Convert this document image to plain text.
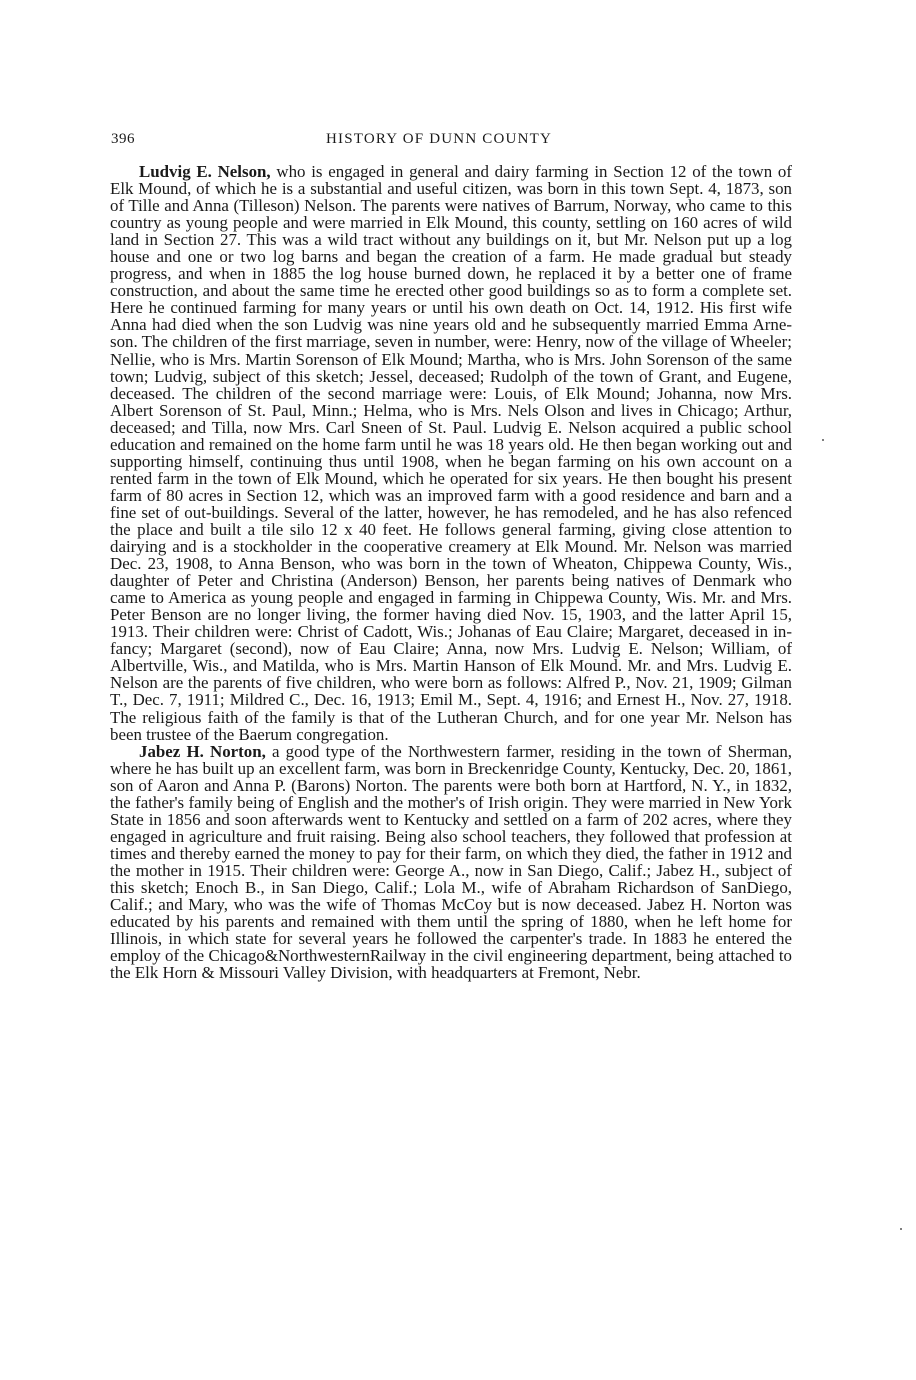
396	HISTORY OF DUNN COUNTY

Ludvig E. Nelson, who is engaged in general and dairy farming in Section 12 of the town of Elk Mound, of which he is a substantial and useful citizen, was born in this town Sept. 4, 1873, son of Tille and Anna (Tilleson) Nelson. The parents were natives of Barrum, Norway, who came to this country as young people and were married in Elk Mound, this county, settling on 160 acres of wild land in Section 27. This was a wild tract without any buildings on it, but Mr. Nelson put up a log house and one or two log barns and began the creation of a farm. He made gradual but steady progress, and when in 1885 the log house burned down, he replaced it by a better one of frame construction, and about the same time he erected other good buildings so as to form a complete set. Here he continued farming for many years or until his own death on Oct. 14, 1912. His first wife Anna had died when the son Ludvig was nine years old and he subsequently married Emma Arneson. The children of the first marriage, seven in number, were: Henry, now of the village of Wheeler; Nellie, who is Mrs. Martin Sorenson of Elk Mound; Martha, who is Mrs. John Sorenson of the same town; Ludvig, subject of this sketch; Jessel, deceased; Rudolph of the town of Grant, and Eugene, deceased. The children of the second marriage were: Louis, of Elk Mound; Johanna, now Mrs. Albert Sorenson of St. Paul, Minn.; Helma, who is Mrs. Nels Olson and lives in Chicago; Arthur, deceased; and Tilla, now Mrs. Carl Sneen of St. Paul. Ludvig E. Nelson acquired a public school education and remained on the home farm until he was 18 years old. He then began working out and supporting himself, continuing thus until 1908, when he began farming on his own account on a rented farm in the town of Elk Mound, which he operated for six years. He then bought his present farm of 80 acres in Section 12, which was an improved farm with a good residence and barn and a fine set of out-buildings. Several of the latter, however, he has remodeled, and he has also refenced the place and built a tile silo 12 x 40 feet. He follows general farming, giving close attention to dairying and is a stockholder in the cooperative creamery at Elk Mound. Mr. Nelson was married Dec. 23, 1908, to Anna Benson, who was born in the town of Wheaton, Chippewa County, Wis., daughter of Peter and Christina (Anderson) Benson, her parents being natives of Denmark who came to America as young people and engaged in farming in Chippewa County, Wis. Mr. and Mrs. Peter Benson are no longer living, the former having died Nov. 15, 1903, and the latter April 15, 1913. Their children were: Christ of Cadott, Wis.; Johanas of Eau Claire; Margaret, deceased in infancy; Margaret (second), now of Eau Claire; Anna, now Mrs. Ludvig E. Nelson; William, of Albertville, Wis., and Matilda, who is Mrs. Martin Hanson of Elk Mound. Mr. and Mrs. Ludvig E. Nelson are the parents of five children, who were born as follows: Alfred P., Nov. 21, 1909; Gilman T., Dec. 7, 1911; Mildred C., Dec. 16, 1913; Emil M., Sept. 4, 1916; and Ernest H., Nov. 27, 1918. The religious faith of the family is that of the Lutheran Church, and for one year Mr. Nelson has been trustee of the Baerum congregation.

Jabez H. Norton, a good type of the Northwestern farmer, residing in the town of Sherman, where he has built up an excellent farm, was born in Breckenridge County, Kentucky, Dec. 20, 1861, son of Aaron and Anna P. (Barons) Norton. The parents were both born at Hartford, N. Y., in 1832, the father's family being of English and the mother's of Irish origin. They were married in New York State in 1856 and soon afterwards went to Kentucky and settled on a farm of 202 acres, where they engaged in agriculture and fruit raising. Being also school teachers, they followed that profession at times and thereby earned the money to pay for their farm, on which they died, the father in 1912 and the mother in 1915. Their children were: George A., now in San Diego, Calif.; Jabez H., subject of this sketch; Enoch B., in San Diego, Calif.; Lola M., wife of Abraham Richardson of SanDiego, Calif.; and Mary, who was the wife of Thomas McCoy but is now deceased. Jabez H. Norton was educated by his parents and remained with them until the spring of 1880, when he left home for Illinois, in which state for several years he followed the carpenter's trade. In 1883 he entered the employ of the Chicago&NorthwesternRailway in the civil engineering department, being attached to the Elk Horn & Missouri Valley Division, with headquarters at Fremont, Nebr.
